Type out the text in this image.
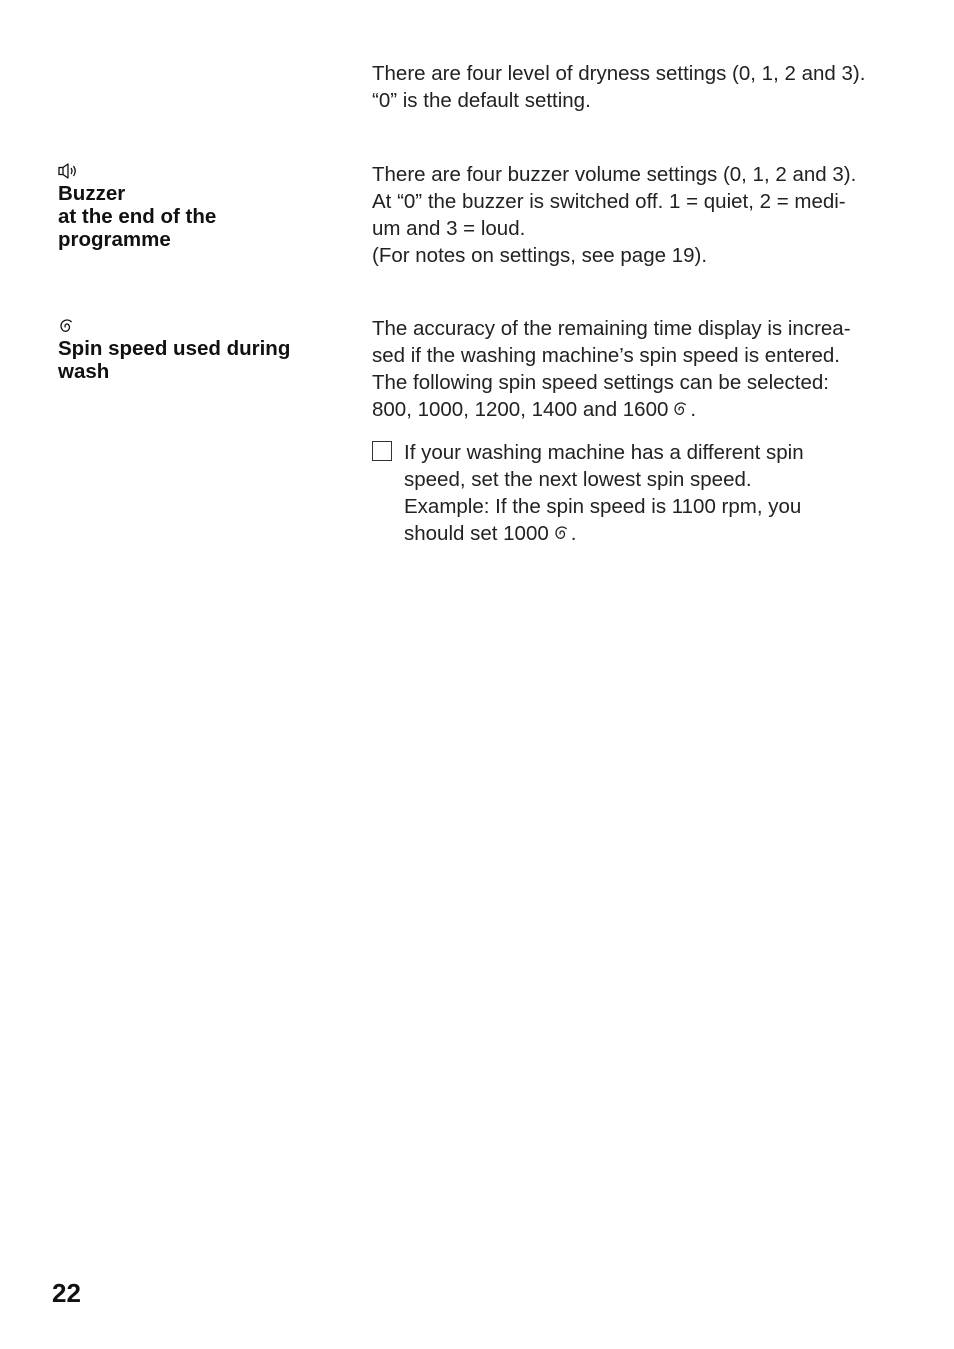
There are four level of dryness settings (0, 1, 2 and 3).
“0” is the default setting.
Buzzer
at the end of the
programme
There are four buzzer volume settings (0, 1, 2 and 3).
At “0” the buzzer is switched off. 1 = quiet, 2 = medi-
um and 3 = loud.
(For notes on settings, see page 19).
Spin speed used during
wash
The accuracy of the remaining time display is increa-
sed if the washing machine’s spin speed is entered.
The following spin speed settings can be selected:
800, 1000, 1200, 1400 and 1600 .
If your washing machine has a different spin
speed, set the next lowest spin speed.
Example: If the spin speed is 1100 rpm, you
should set 1000 .
22
